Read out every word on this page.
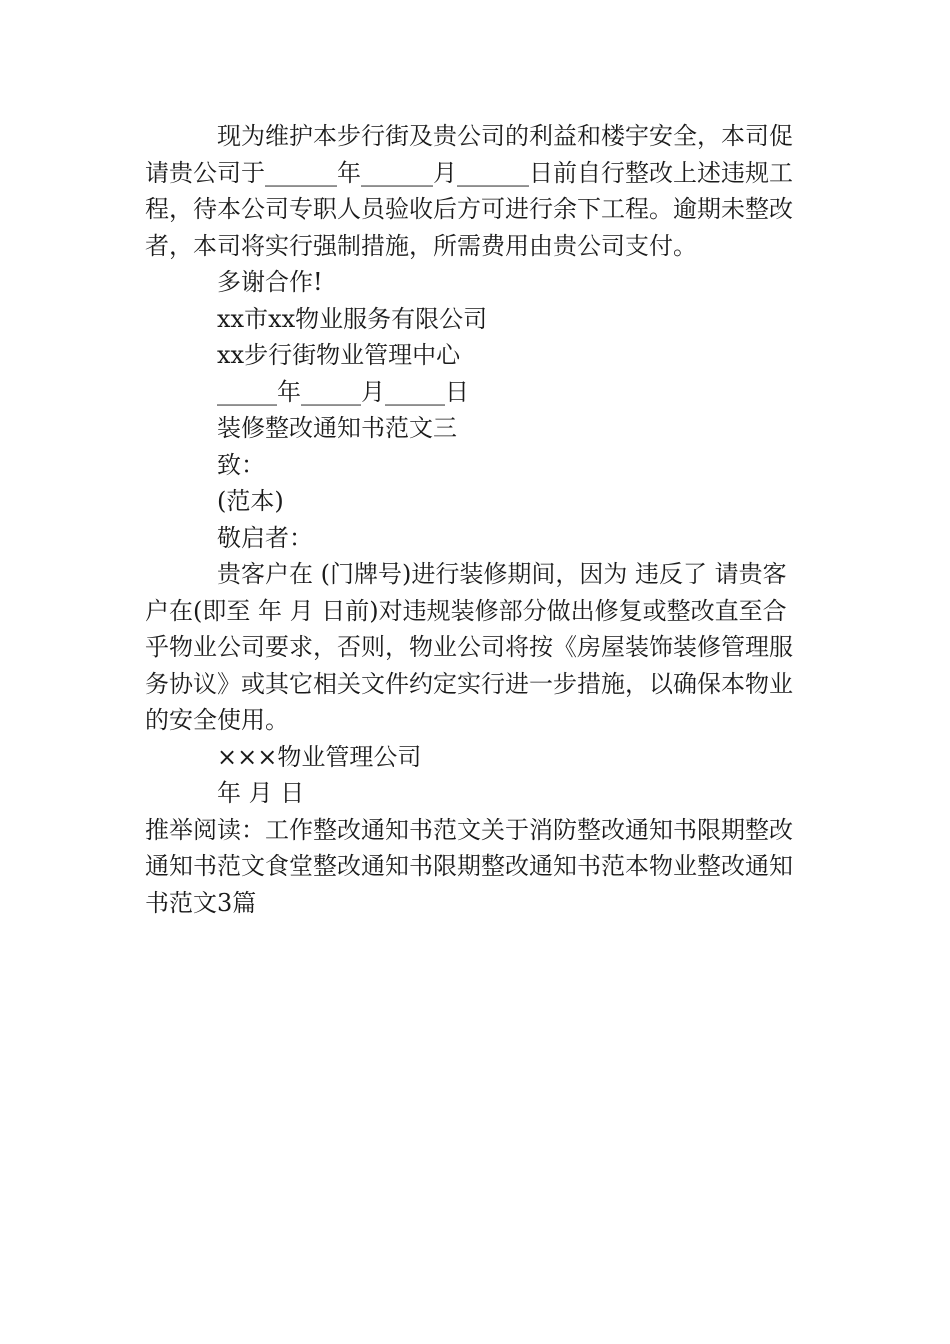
现为维护本步行街及贵公司的利益和楼宇安全，本司促
请贵公司于______年______月______日前自行整改上述违规工
程，待本公司专职人员验收后方可进行余下工程。逾期未整改
者，本司将实行强制措施，所需费用由贵公司支付。
多谢合作!
xx市xx物业服务有限公司
xx步行街物业管理中心
_____年_____月_____日
装修整改通知书范文三
致：
(范本)
敬启者：
贵客户在 (门牌号)进行装修期间，因为 违反了 请贵客
户在(即至 年 月 日前)对违规装修部分做出修复或整改直至合
乎物业公司要求，否则，物业公司将按《房屋装饰装修管理服
务协议》或其它相关文件约定实行进一步措施，以确保本物业
的安全使用。
×××物业管理公司
年 月 日
推举阅读：工作整改通知书范文关于消防整改通知书限期整改
通知书范文食堂整改通知书限期整改通知书范本物业整改通知
书范文3篇
